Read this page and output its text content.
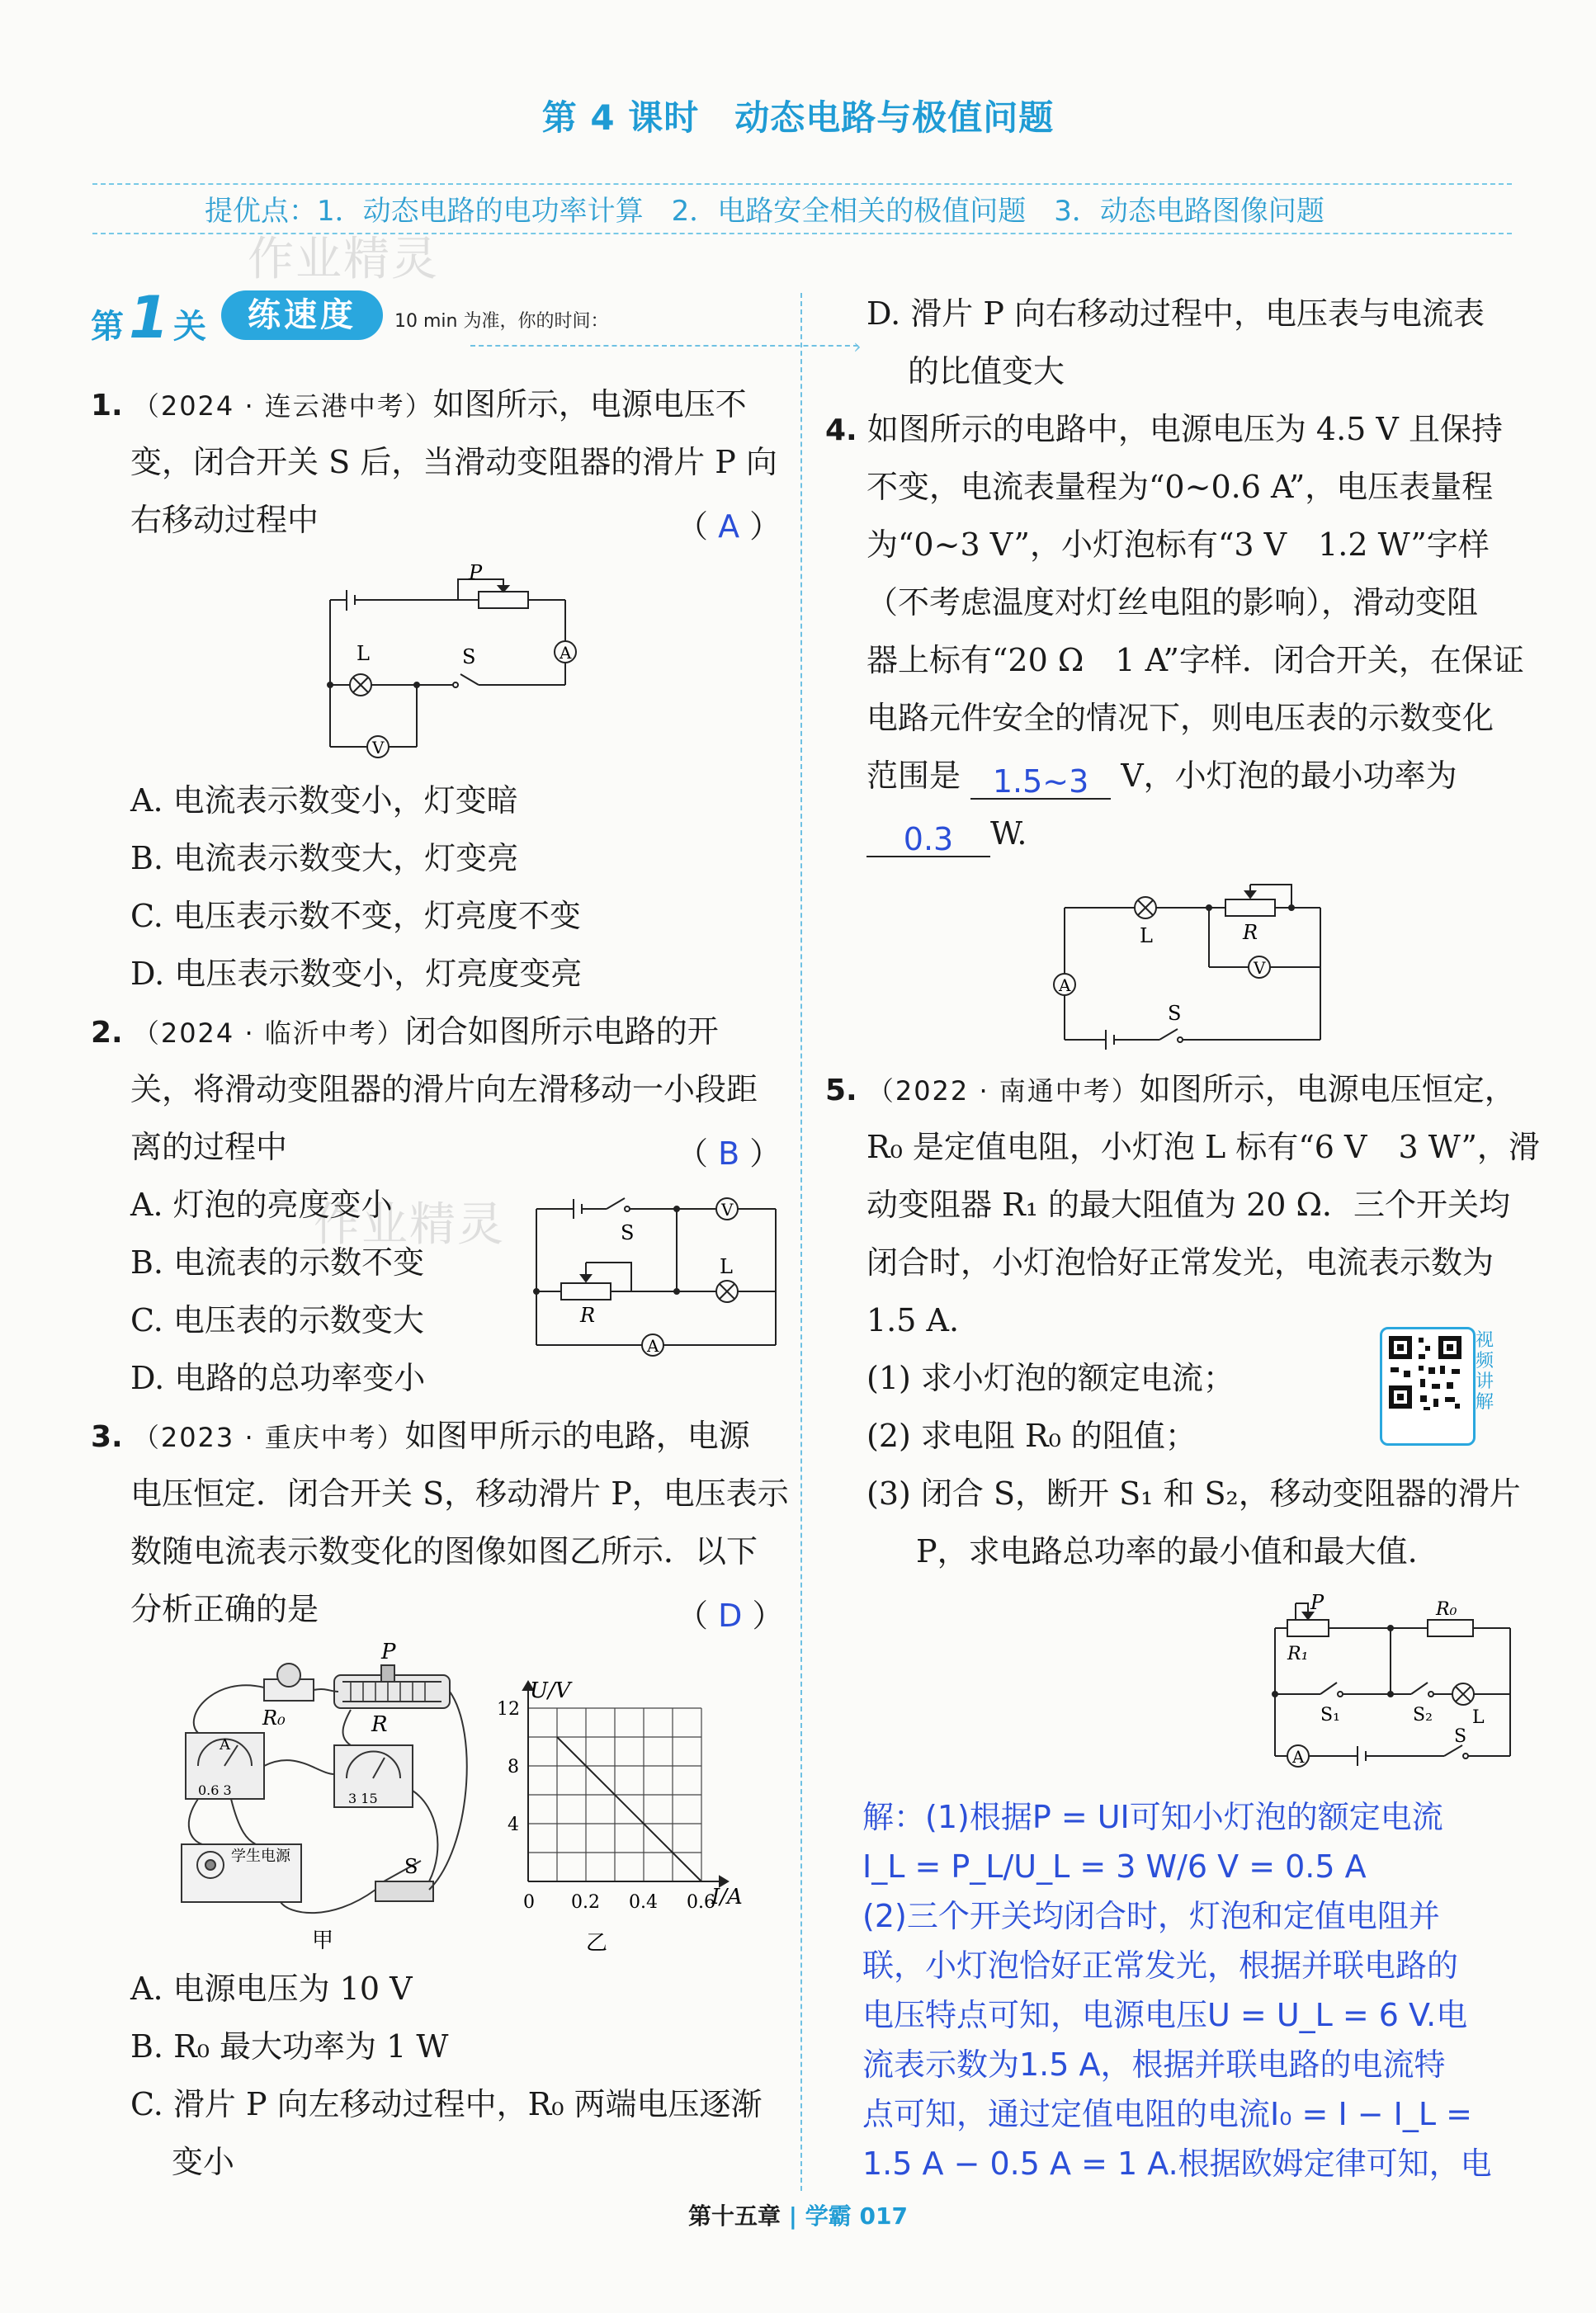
第 4 课时　动态电路与极值问题
提优点：1．动态电路的电功率计算　2．电路安全相关的极值问题　3．动态电路图像问题
作业精灵
作业精灵
第 1 关	练速度	10 min 为准，你的时间：
›
1. （2024 · 连云港中考）如图所示，电源电压不
变，闭合开关 S 后，当滑动变阻器的滑片 P 向
右移动过程中	（ A ）
P
L	S	A
V
A. 电流表示数变小，灯变暗
B. 电流表示数变大，灯变亮
C. 电压表示数不变，灯亮度不变
D. 电压表示数变小，灯亮度变亮
2. （2024 · 临沂中考）闭合如图所示电路的开
关，将滑动变阻器的滑片向左滑移动一小段距
离的过程中	（ B ）
A. 灯泡的亮度变小
B. 电流表的示数不变
C. 电压表的示数变大
D. 电路的总功率变小
S
V
L
R
A
3. （2023 · 重庆中考）如图甲所示的电路，电源
电压恒定．闭合开关 S，移动滑片 P，电压表示
数随电流表示数变化的图像如图乙所示．以下
分析正确的是	（ D ）
P
R₀	R
A
0.6 3
3 15
学生电源	S
甲
0 0.2 0.4 0.6
4
8
12
U/V
I/A
乙
A. 电源电压为 10 V
B. R₀ 最大功率为 1 W
C. 滑片 P 向左移动过程中，R₀ 两端电压逐渐
变小
D. 滑片 P 向右移动过程中，电压表与电流表
的比值变大
4. 如图所示的电路中，电源电压为 4.5 V 且保持
不变，电流表量程为“0~0.6 A”，电压表量程
为“0~3 V”，小灯泡标有“3 V　1.2 W”字样
（不考虑温度对灯丝电阻的影响），滑动变阻
器上标有“20 Ω　1 A”字样．闭合开关，在保证
电路元件安全的情况下，则电压表的示数变化
范围是 1.5~3 V，小灯泡的最小功率为
0.3 W.
L	R
A
V
S
5. （2022 · 南通中考）如图所示，电源电压恒定，
R₀ 是定值电阻，小灯泡 L 标有“6 V　3 W”，滑
动变阻器 R₁ 的最大阻值为 20 Ω．三个开关均
闭合时，小灯泡恰好正常发光，电流表示数为
1.5 A.
(1) 求小灯泡的额定电流；
(2) 求电阻 R₀ 的阻值；
(3) 闭合 S，断开 S₁ 和 S₂，移动变阻器的滑片
P，求电路总功率的最小值和最大值.
视频讲解
P
R₁
R₀
S₁	S₂ L
S
A
解：(1)根据P = UI可知小灯泡的额定电流
I_L = P_L/U_L = 3 W/6 V = 0.5 A
(2)三个开关均闭合时，灯泡和定值电阻并
联，小灯泡恰好正常发光，根据并联电路的
电压特点可知，电源电压U = U_L = 6 V.电
流表示数为1.5 A，根据并联电路的电流特
点可知，通过定值电阻的电流I₀ = I − I_L =
1.5 A − 0.5 A = 1 A.根据欧姆定律可知，电
第十五章 | 学霸 017
